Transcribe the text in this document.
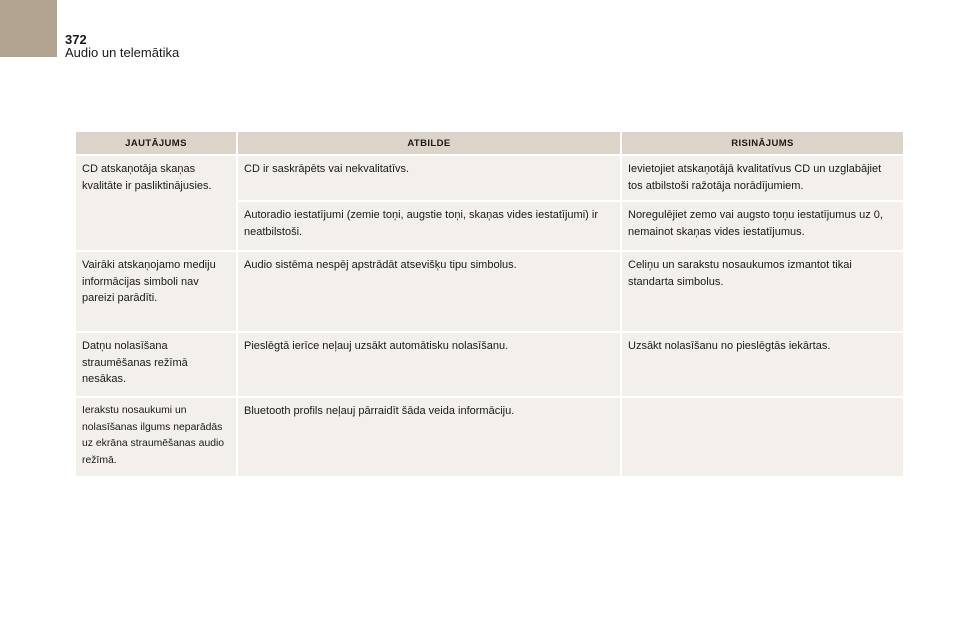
372
Audio un telemātika
JAUTĀJUMS	ATBILDE	RISINĀJUMS
CD atskaņotāja skaņas kvalitāte ir pasliktinājusies.	CD ir saskrāpēts vai nekvalitatīvs.	Ievietojiet atskaņotājā kvalitatīvus CD un uzglabājiet tos atbilstoši ražotāja norādījumiem.
	Autoradio iestatījumi (zemie toņi, augstie toņi, skaņas vides iestatījumi) ir neatbilstoši.	Noregulējiet zemo vai augsto toņu iestatījumus uz 0, nemainot skaņas vides iestatījumus.
Vairāki atskaņojamo mediju informācijas simboli nav pareizi parādīti.	Audio sistēma nespēj apstrādāt atsevišķu tipu simbolus.	Celiņu un sarakstu nosaukumos izmantot tikai standarta simbolus.
Datņu nolasīšana straumēšanas režīmā nesākas.	Pieslēgtā ierīce neļauj uzsākt automātisku nolasīšanu.	Uzsākt nolasīšanu no pieslēgtās iekārtas.
Ierakstu nosaukumi un nolasīšanas ilgums neparādās uz ekrāna straumēšanas audio režīmā.	Bluetooth profils neļauj pārraidīt šāda veida informāciju.	
